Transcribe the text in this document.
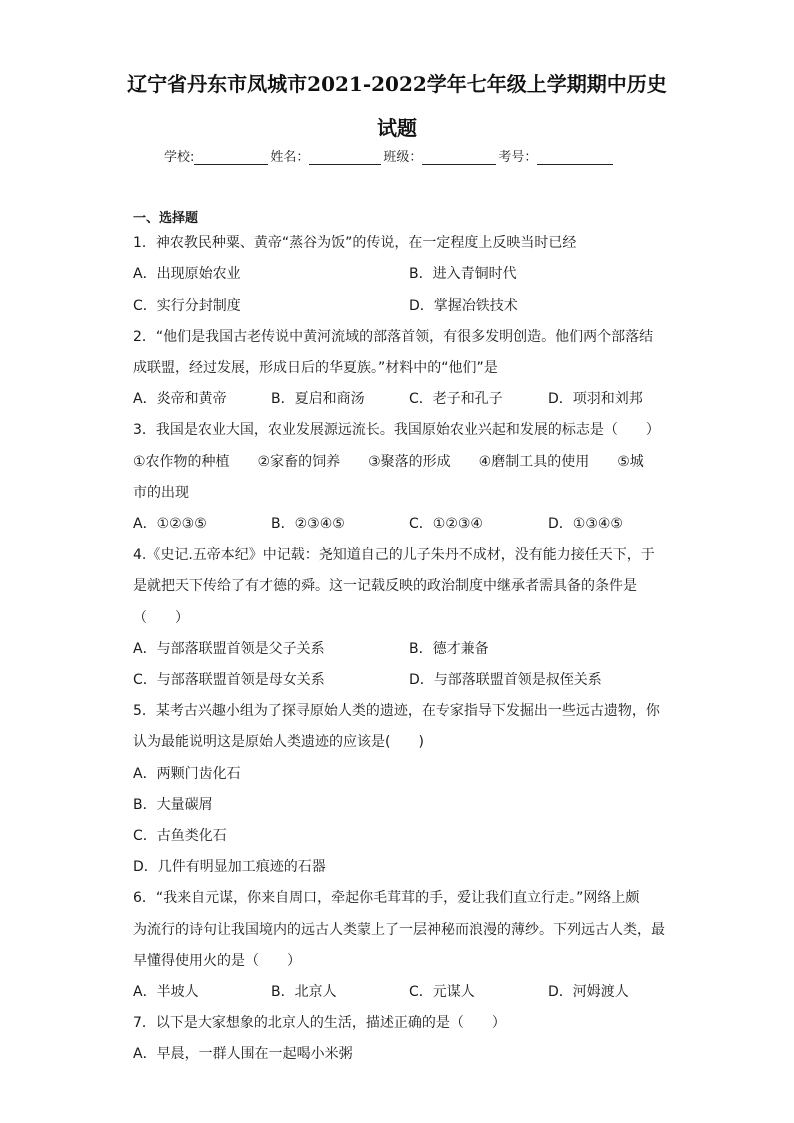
辽宁省丹东市凤城市2021-2022学年七年级上学期期中历史
试题
学校:	姓名：	班级：	考号：
一、选择题
1．神农教民种粟、黄帝“蒸谷为饭”的传说，在一定程度上反映当时已经
A．出现原始农业	B．进入青铜时代
C．实行分封制度	D．掌握冶铁技术
2．“他们是我国古老传说中黄河流域的部落首领，有很多发明创造。他们两个部落结
成联盟，经过发展，形成日后的华夏族。”材料中的“他们”是
A．炎帝和黄帝	B．夏启和商汤	C．老子和孔子	D．项羽和刘邦
3．我国是农业大国，农业发展源远流长。我国原始农业兴起和发展的标志是（　　）
①农作物的种植　　②家畜的饲养　　③聚落的形成　　④磨制工具的使用　　⑤城
市的出现
A．①②③⑤	B．②③④⑤	C．①②③④	D．①③④⑤
4.《史记.五帝本纪》中记载：尧知道自己的儿子朱丹不成材，没有能力接任天下，于
是就把天下传给了有才德的舜。这一记载反映的政治制度中继承者需具备的条件是
（　　）
A．与部落联盟首领是父子关系	B．德才兼备
C．与部落联盟首领是母女关系	D．与部落联盟首领是叔侄关系
5．某考古兴趣小组为了探寻原始人类的遗迹，在专家指导下发掘出一些远古遗物，你
认为最能说明这是原始人类遗迹的应该是(　　)
A．两颗门齿化石
B．大量碳屑
C．古鱼类化石
D．几件有明显加工痕迹的石器
6．“我来自元谋，你来自周口，牵起你毛茸茸的手，爱让我们直立行走。”网络上颇
为流行的诗句让我国境内的远古人类蒙上了一层神秘而浪漫的薄纱。下列远古人类，最
早懂得使用火的是（　　）
A．半坡人	B．北京人	C．元谋人	D．河姆渡人
7．以下是大家想象的北京人的生活，描述正确的是（　　）
A．早晨，一群人围在一起喝小米粥
